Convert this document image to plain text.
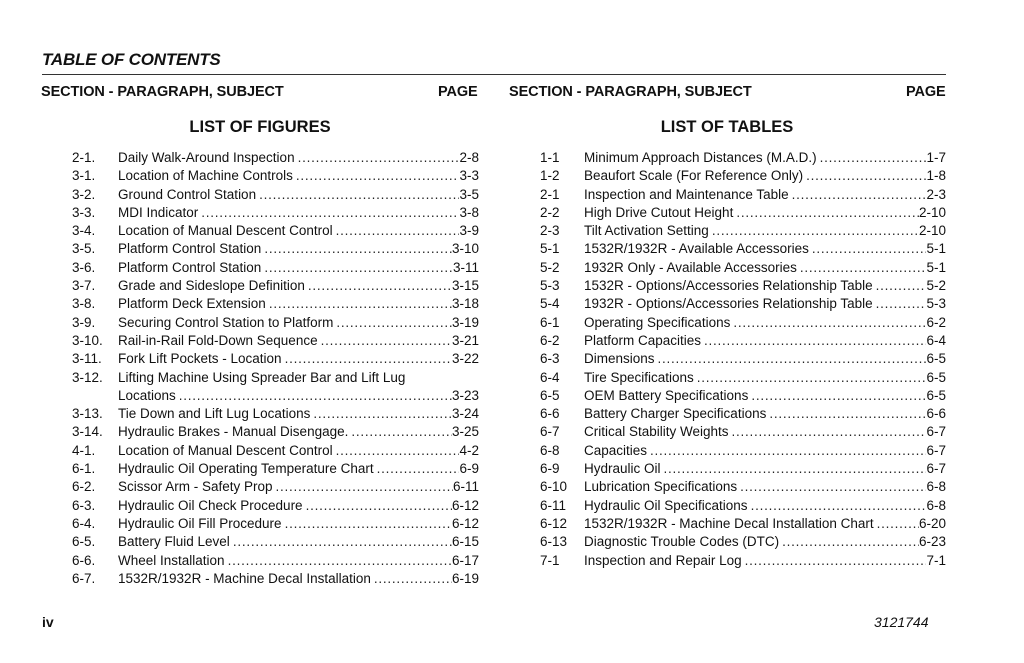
TABLE OF CONTENTS
SECTION - PARAGRAPH, SUBJECT	PAGE SECTION - PARAGRAPH, SUBJECT	PAGE
LIST OF FIGURES	LIST OF TABLES
2-1. Daily Walk-Around Inspection . . .	2-8
3-1. Location of Machine Controls . . .	3-3
3-2. Ground Control Station . . .	3-5
3-3. MDI Indicator . . .	3-8
3-4. Location of Manual Descent Control . . .	3-9
3-5. Platform Control Station . . .	3-10
3-6. Platform Control Station . . .	3-11
3-7. Grade and Sideslope Definition . . .	3-15
3-8. Platform Deck Extension . . .	3-18
3-9. Securing Control Station to Platform . . .	3-19
3-10. Rail-in-Rail Fold-Down Sequence . . .	3-21
3-11. Fork Lift Pockets - Location . . .	3-22
3-12. Lifting Machine Using Spreader Bar and Lift Lug
Locations . . .	3-23
3-13. Tie Down and Lift Lug Locations . . .	3-24
3-14. Hydraulic Brakes - Manual Disengage. . . .	3-25
4-1. Location of Manual Descent Control . . .	4-2
6-1. Hydraulic Oil Operating Temperature Chart . . .	6-9
6-2. Scissor Arm - Safety Prop . . .	6-11
6-3. Hydraulic Oil Check Procedure . . .	6-12
6-4. Hydraulic Oil Fill Procedure . . .	6-12
6-5. Battery Fluid Level . . .	6-15
6-6. Wheel Installation . . .	6-17
6-7. 1532R/1932R - Machine Decal Installation . . .	6-19
1-1 Minimum Approach Distances (M.A.D.) . . .	1-7
1-2 Beaufort Scale (For Reference Only) . . .	1-8
2-1 Inspection and Maintenance Table . . .	2-3
2-2 High Drive Cutout Height . . .	2-10
2-3 Tilt Activation Setting . . .	2-10
5-1 1532R/1932R - Available Accessories . . .	5-1
5-2 1932R Only - Available Accessories . . .	5-1
5-3 1532R - Options/Accessories Relationship Table . . .	5-2
5-4 1932R - Options/Accessories Relationship Table . . .	5-3
6-1 Operating Specifications . . .	6-2
6-2 Platform Capacities . . .	6-4
6-3 Dimensions . . .	6-5
6-4 Tire Specifications . . .	6-5
6-5 OEM Battery Specifications . . .	6-5
6-6 Battery Charger Specifications . . .	6-6
6-7 Critical Stability Weights . . .	6-7
6-8 Capacities . . .	6-7
6-9 Hydraulic Oil . . .	6-7
6-10 Lubrication Specifications . . .	6-8
6-11 Hydraulic Oil Specifications . . .	6-8
6-12 1532R/1932R - Machine Decal Installation Chart . . .	6-20
6-13 Diagnostic Trouble Codes (DTC) . . .	6-23
7-1 Inspection and Repair Log . . .	7-1
iv	3121744
